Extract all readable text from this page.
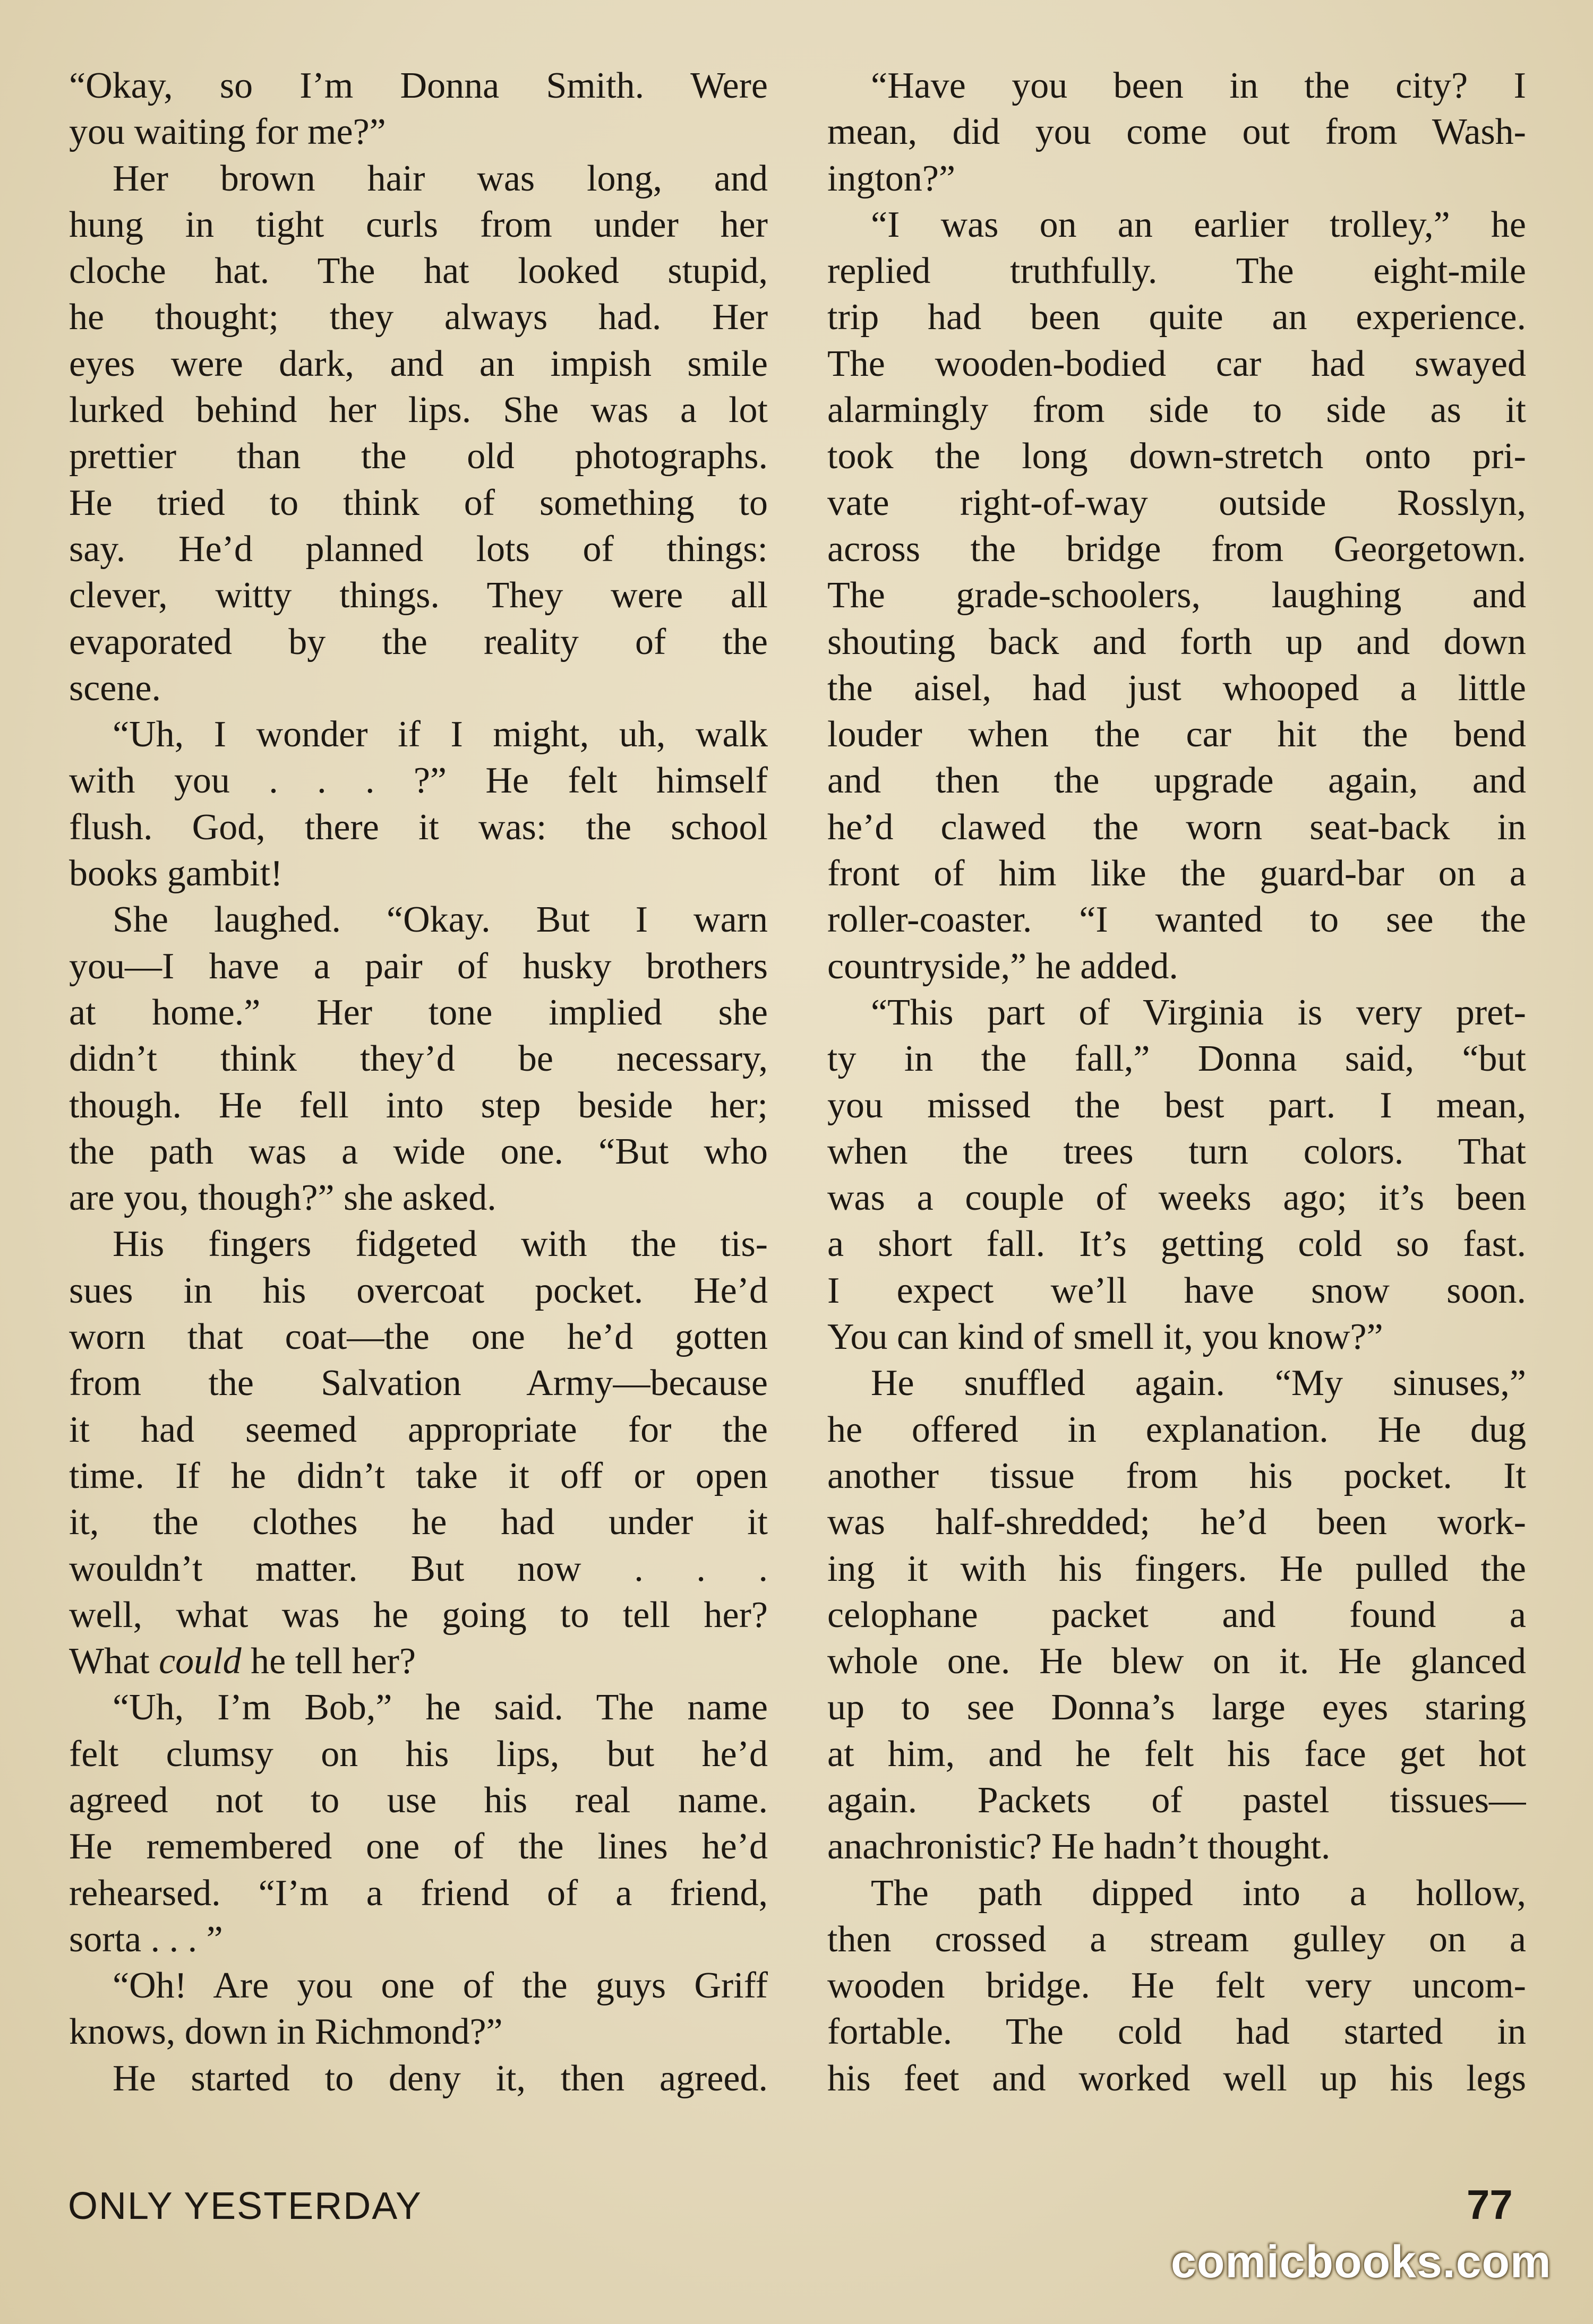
“Okay, so I’m Donna Smith. Were
you waiting for me?”
Her brown hair was long, and
hung in tight curls from under her
cloche hat. The hat looked stupid,
he thought; they always had. Her
eyes were dark, and an impish smile
lurked behind her lips. She was a lot
prettier than the old photographs.
He tried to think of something to
say. He’d planned lots of things:
clever, witty things. They were all
evaporated by the reality of the
scene.
“Uh, I wonder if I might, uh, walk
with you . . . ?” He felt himself
flush. God, there it was: the school
books gambit!
She laughed. “Okay. But I warn
you—I have a pair of husky brothers
at home.” Her tone implied she
didn’t think they’d be necessary,
though. He fell into step beside her;
the path was a wide one. “But who
are you, though?” she asked.
His fingers fidgeted with the tis-
sues in his overcoat pocket. He’d
worn that coat—the one he’d gotten
from the Salvation Army—because
it had seemed appropriate for the
time. If he didn’t take it off or open
it, the clothes he had under it
wouldn’t matter. But now . . .
well, what was he going to tell her?
What could he tell her?
“Uh, I’m Bob,” he said. The name
felt clumsy on his lips, but he’d
agreed not to use his real name.
He remembered one of the lines he’d
rehearsed. “I’m a friend of a friend,
sorta . . . ”
“Oh! Are you one of the guys Griff
knows, down in Richmond?”
He started to deny it, then agreed.
“Have you been in the city? I
mean, did you come out from Wash-
ington?”
“I was on an earlier trolley,” he
replied truthfully. The eight-mile
trip had been quite an experience.
The wooden-bodied car had swayed
alarmingly from side to side as it
took the long down-stretch onto pri-
vate right-of-way outside Rosslyn,
across the bridge from Georgetown.
The grade-schoolers, laughing and
shouting back and forth up and down
the aisel, had just whooped a little
louder when the car hit the bend
and then the upgrade again, and
he’d clawed the worn seat-back in
front of him like the guard-bar on a
roller-coaster. “I wanted to see the
countryside,” he added.
“This part of Virginia is very pret-
ty in the fall,” Donna said, “but
you missed the best part. I mean,
when the trees turn colors. That
was a couple of weeks ago; it’s been
a short fall. It’s getting cold so fast.
I expect we’ll have snow soon.
You can kind of smell it, you know?”
He snuffled again. “My sinuses,”
he offered in explanation. He dug
another tissue from his pocket. It
was half-shredded; he’d been work-
ing it with his fingers. He pulled the
celophane packet and found a
whole one. He blew on it. He glanced
up to see Donna’s large eyes staring
at him, and he felt his face get hot
again. Packets of pastel tissues—
anachronistic? He hadn’t thought.
The path dipped into a hollow,
then crossed a stream gulley on a
wooden bridge. He felt very uncom-
fortable. The cold had started in
his feet and worked well up his legs
ONLY YESTERDAY	77
comicbooks.com
